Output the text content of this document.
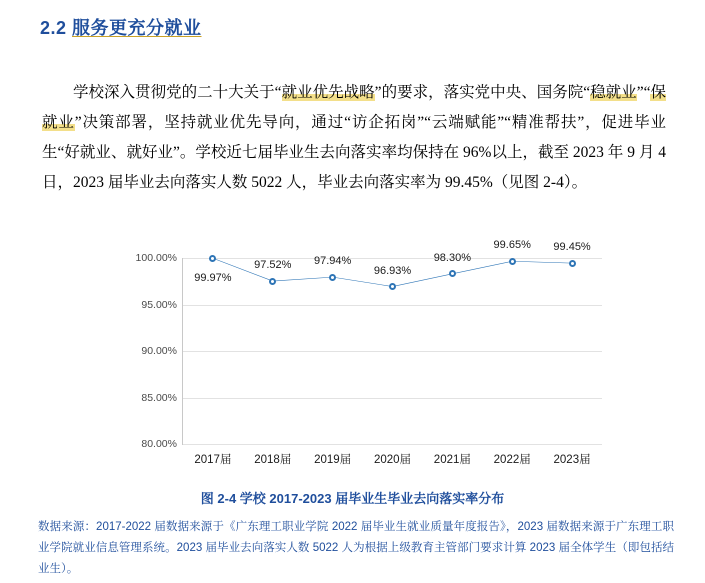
2.2 服务更充分就业

学校深入贯彻党的二十大关于“就业优先战略”的要求，落实党中央、国务院“稳就业”“保就业”决策部署，坚持就业优先导向，通过“访企拓岗”“云端赋能”“精准帮扶”，促进毕业生“好就业、就好业”。学校近七届毕业生去向落实率均保持在 96%以上，截至 2023 年 9 月 4 日，2023 届毕业去向落实人数 5022 人，毕业去向落实率为 99.45%（见图 2-4）。

80.00%
85.00%
90.00%
95.00%
100.00%
2017届 2018届 2019届 2020届 2021届 2022届 2023届
99.97%
97.52% 97.94%
96.93%
98.30%
99.65% 99.45%
图 2-4 学校 2017-2023 届毕业生毕业去向落实率分布
数据来源：2017-2022 届数据来源于《广东理工职业学院 2022 届毕业生就业质量年度报告》，2023 届数据来源于广东理工职业学院就业信息管理系统。2023 届毕业去向落实人数 5022 人为根据上级教育主管部门要求计算 2023 届全体学生（即包括结业生）。
